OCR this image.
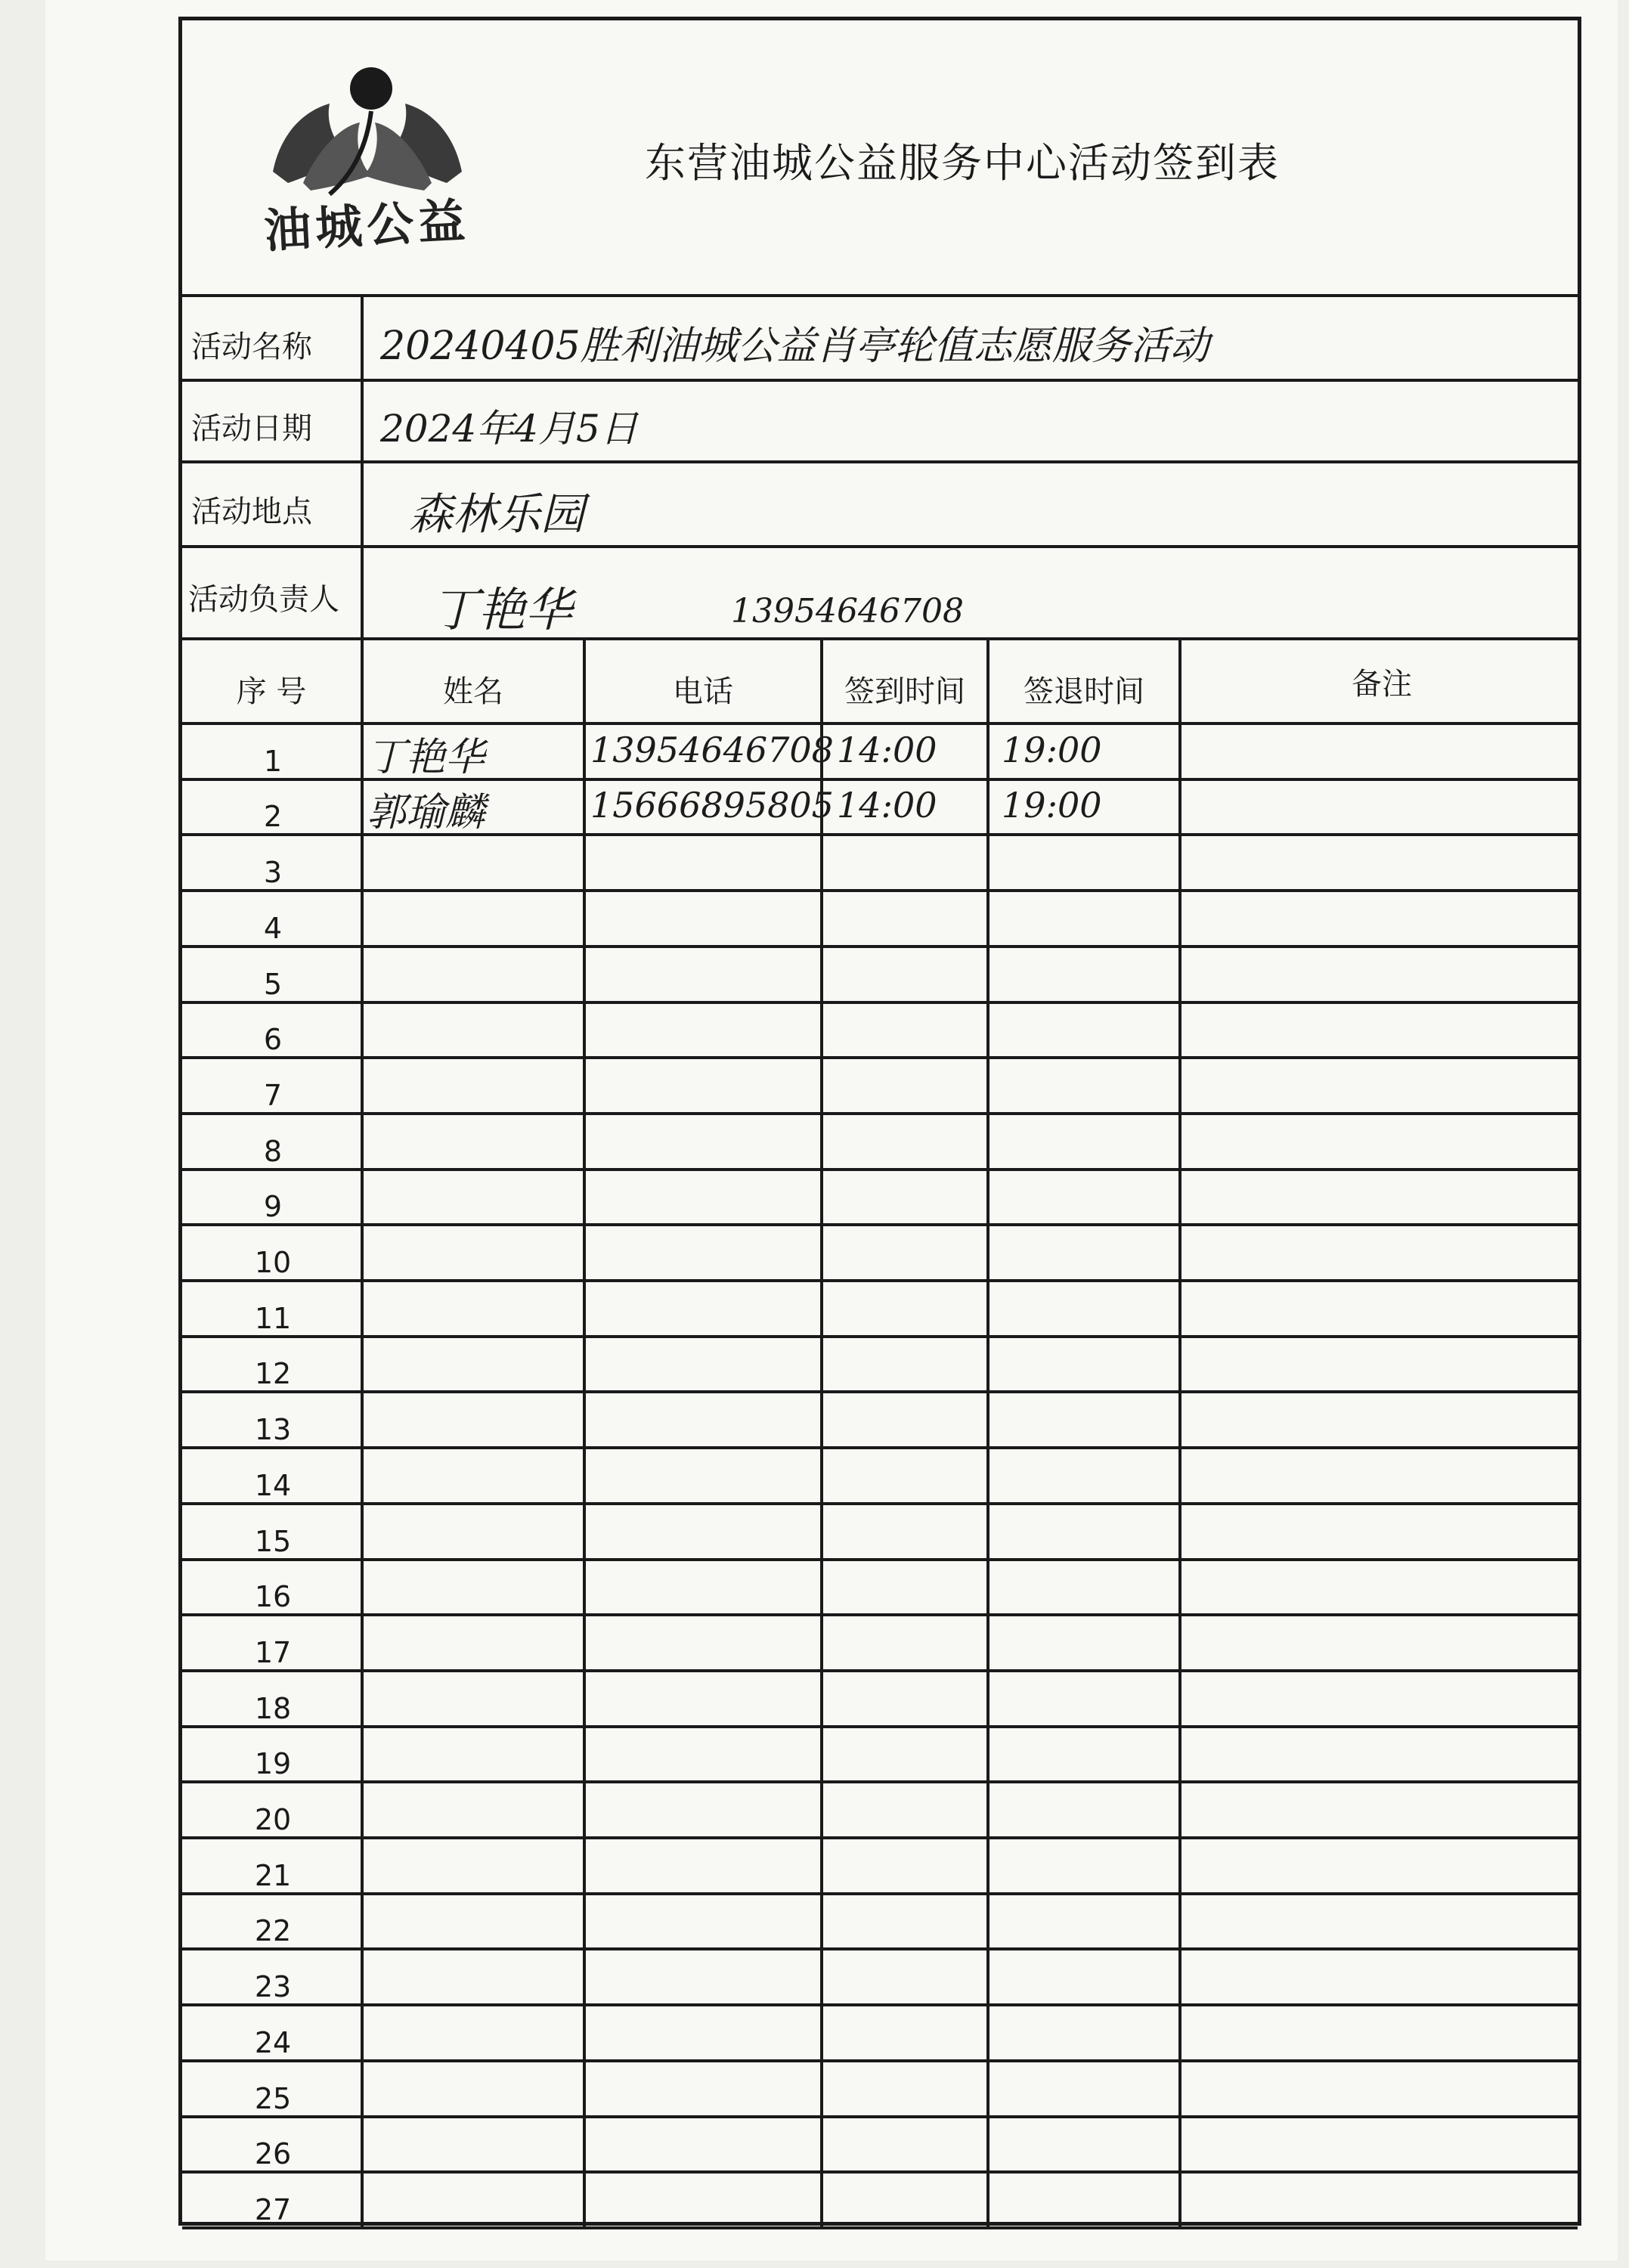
油城公益
东营油城公益服务中心活动签到表
活动名称	20240405胜利油城公益肖亭轮值志愿服务活动
活动日期	2024年4月5日
活动地点	森林乐园
活动负责人	丁艳华	13954646708
序 号	姓名	电话	签到时间	签退时间	备注
1	丁艳华	13954646708 14:00 19:00
2	郭瑜麟	15666895805 14:00 19:00
3
4
5
6
7
8
9
10
11
12
13
14
15
16
17
18
19
20
21
22
23
24
25
26
27
